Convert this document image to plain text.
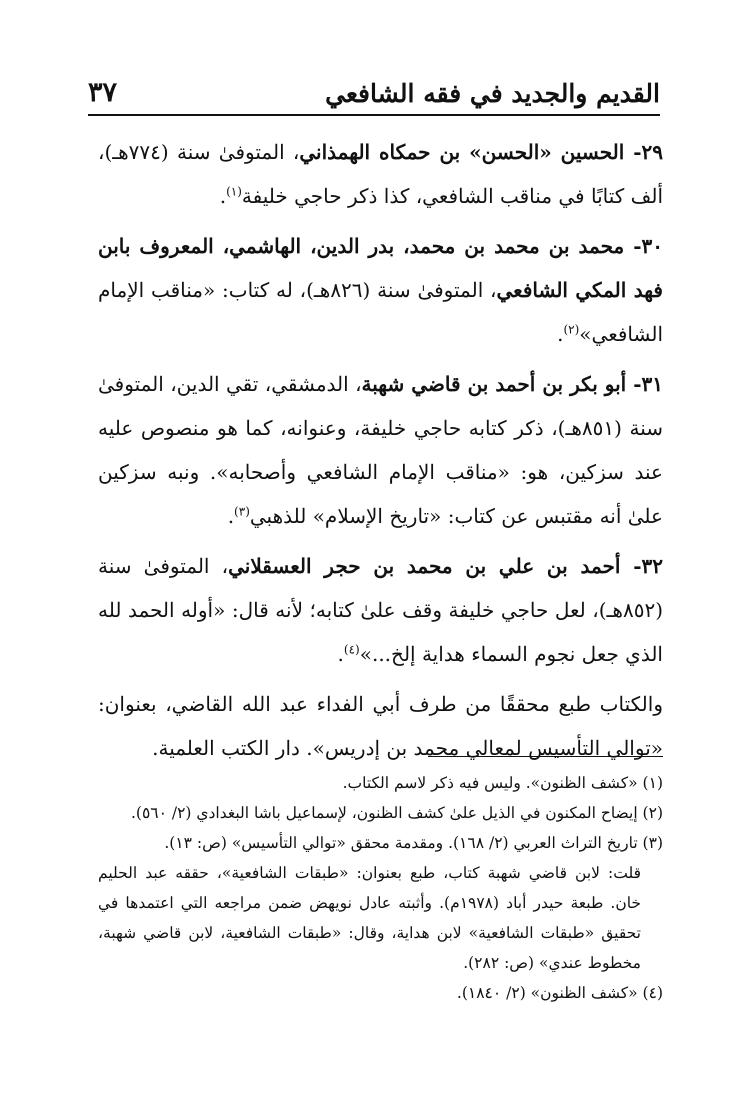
القديم والجديد في فقه الشافعي
٣٧

٢٩- الحسين «الحسن» بن حمكاه الهمذاني، المتوفىٰ سنة (٧٧٤هـ)، ألف كتابًا في مناقب الشافعي، كذا ذكر حاجي خليفة$^{(١)}$.

٣٠- محمد بن محمد بن محمد، بدر الدين، الهاشمي، المعروف بابن فهد المكي الشافعي، المتوفىٰ سنة (٨٢٦هـ)، له كتاب: «مناقب الإمام الشافعي»$^{(٢)}$.

٣١- أبو بكر بن أحمد بن قاضي شهبة، الدمشقي، تقي الدين، المتوفىٰ سنة (٨٥١هـ)، ذكر كتابه حاجي خليفة، وعنوانه، كما هو منصوص عليه عند سزكين، هو: «مناقب الإمام الشافعي وأصحابه». ونبه سزكين علىٰ أنه مقتبس عن كتاب: «تاريخ الإسلام» للذهبي$^{(٣)}$.

٣٢- أحمد بن علي بن محمد بن حجر العسقلاني، المتوفىٰ سنة (٨٥٢هـ)، لعل حاجي خليفة وقف علىٰ كتابه؛ لأنه قال: «أوله الحمد لله الذي جعل نجوم السماء هداية إلخ...»$^{(٤)}$.

والكتاب طبع محققًا من طرف أبي الفداء عبد الله القاضي، بعنوان: «توالي التأسيس لمعالي محمد بن إدريس». دار الكتب العلمية.

(١) «كشف الظنون». وليس فيه ذكر لاسم الكتاب.

(٢) إيضاح المكنون في الذيل علىٰ كشف الظنون، لإسماعيل باشا البغدادي (٢/ ٥٦٠).

(٣) تاريخ التراث العربي (٢/ ١٦٨). ومقدمة محقق «توالي التأسيس» (ص: ١٣).

قلت: لابن قاضي شهبة كتاب، طبع بعنوان: «طبقات الشافعية»، حققه عبد الحليم خان. طبعة حيدر أباد (١٩٧٨م). وأثبته عادل نويهض ضمن مراجعه التي اعتمدها في تحقيق «طبقات الشافعية» لابن هداية، وقال: «طبقات الشافعية، لابن قاضي شهبة، مخطوط عندي» (ص: ٢٨٢).

(٤) «كشف الظنون» (٢/ ١٨٤٠).
